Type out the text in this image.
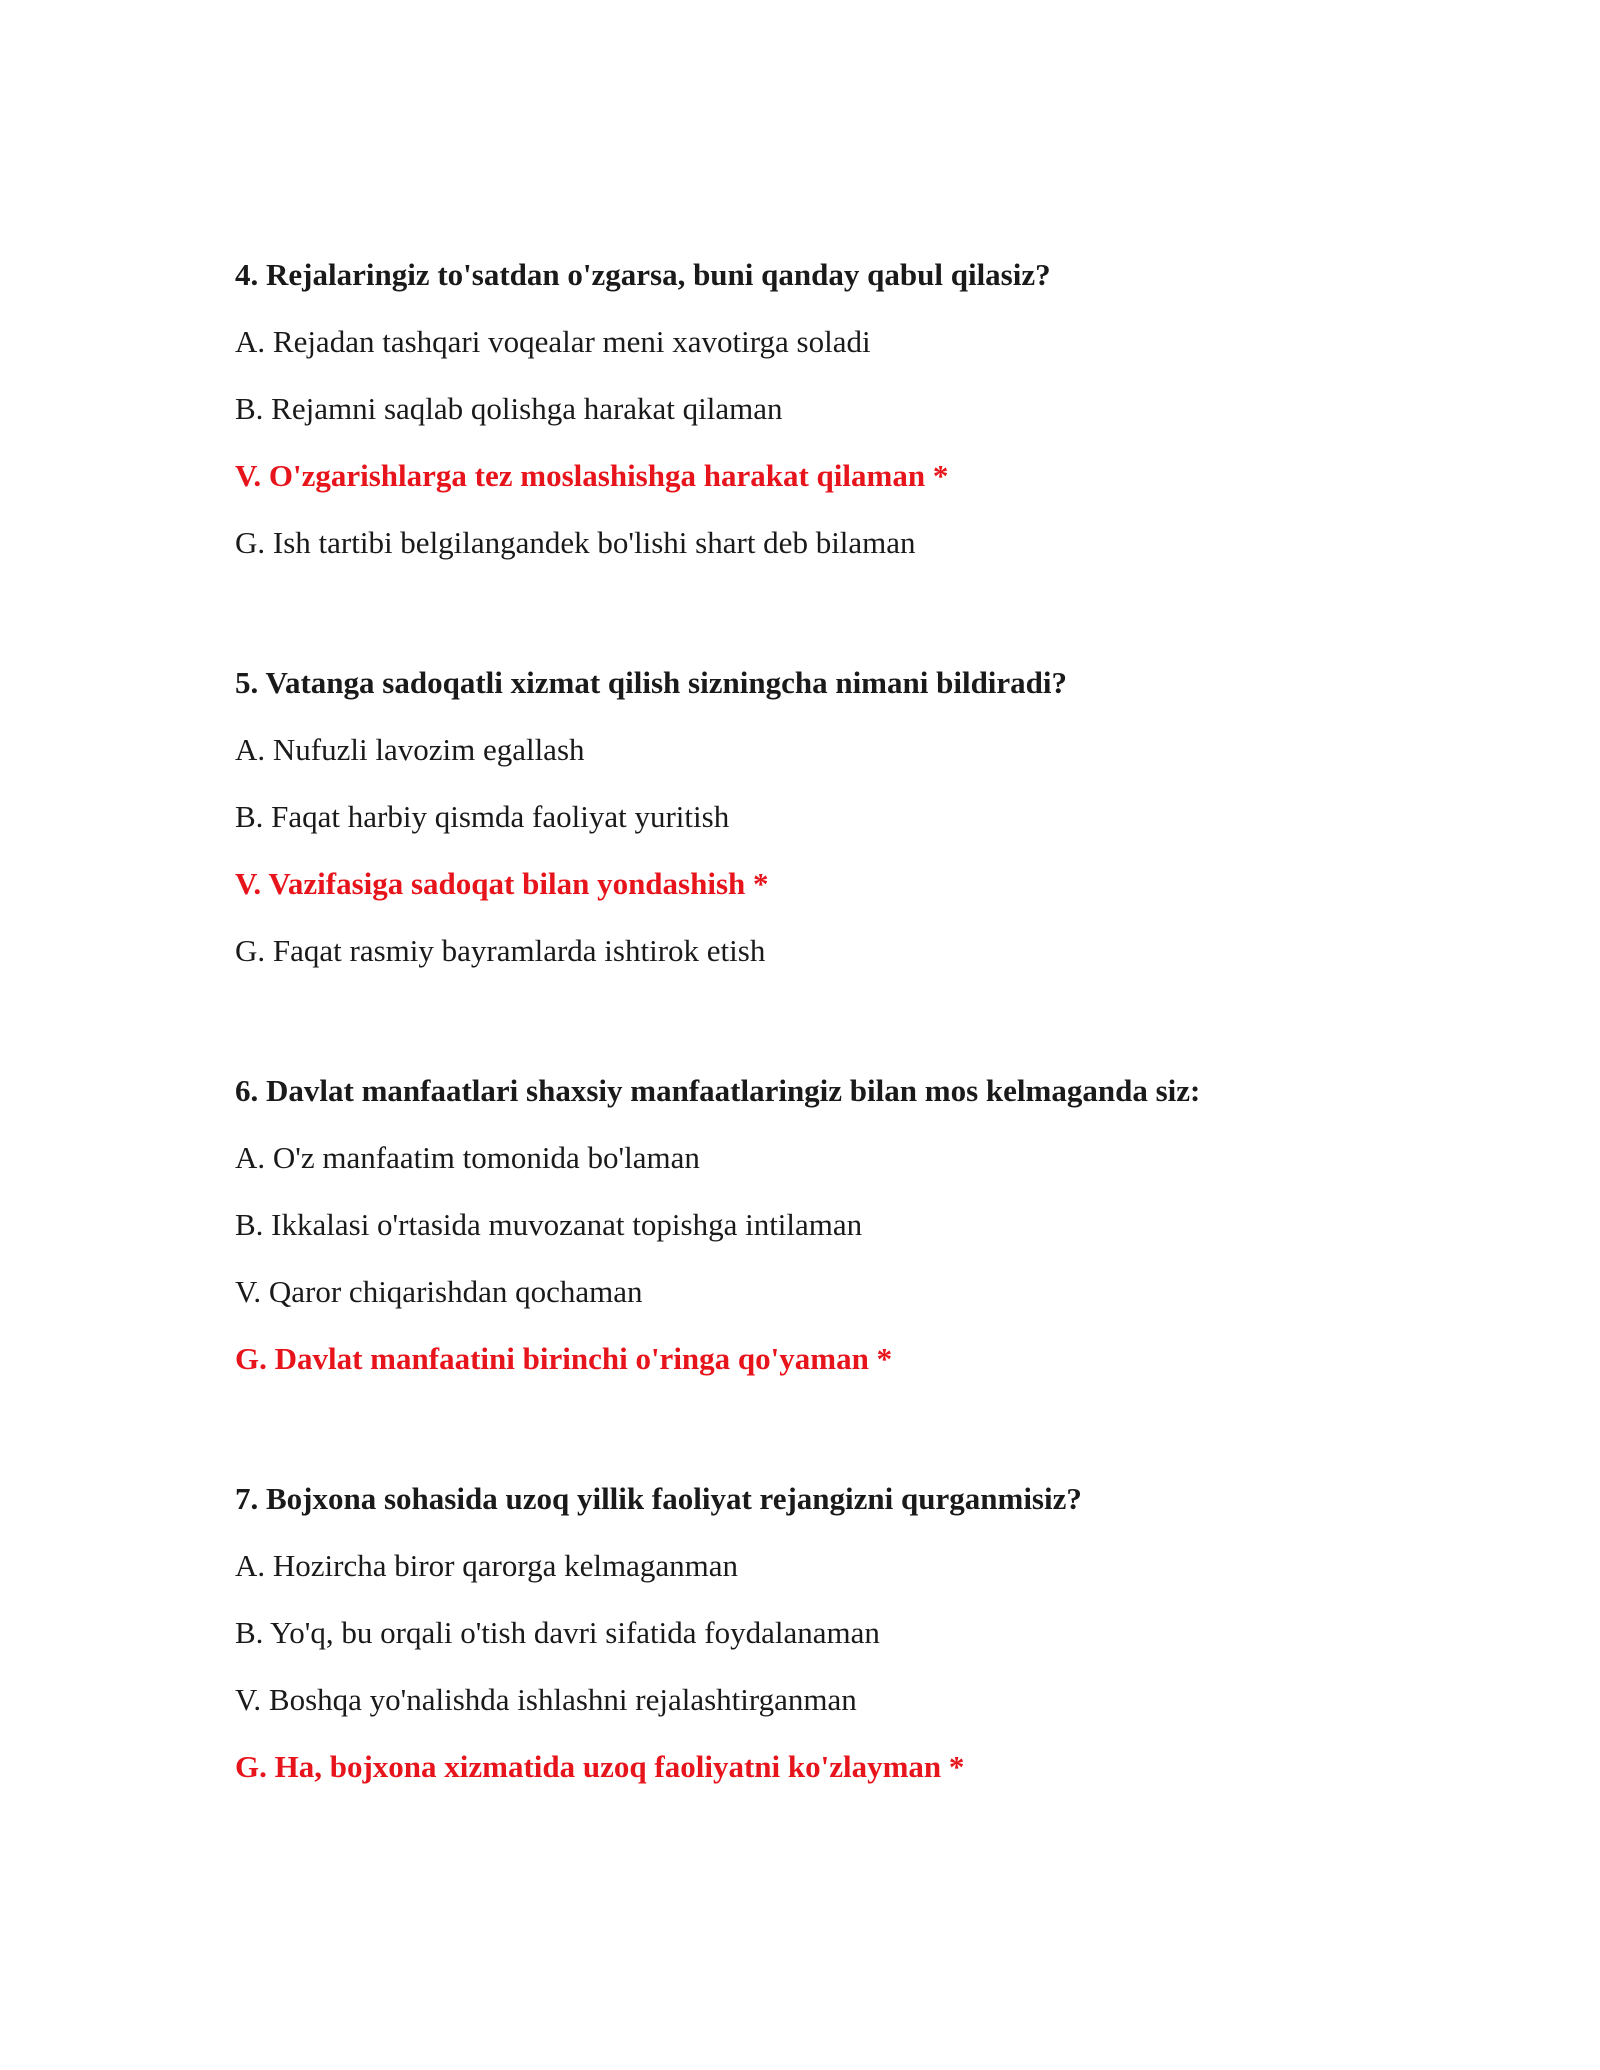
4. Rejalaringiz to'satdan o'zgarsa, buni qanday qabul qilasiz?
A. Rejadan tashqari voqealar meni xavotirga soladi
B. Rejamni saqlab qolishga harakat qilaman
V. O'zgarishlarga tez moslashishga harakat qilaman *
G. Ish tartibi belgilangandek bo'lishi shart deb bilaman
5. Vatanga sadoqatli xizmat qilish sizningcha nimani bildiradi?
A. Nufuzli lavozim egallash
B. Faqat harbiy qismda faoliyat yuritish
V. Vazifasiga sadoqat bilan yondashish *
G. Faqat rasmiy bayramlarda ishtirok etish
6. Davlat manfaatlari shaxsiy manfaatlaringiz bilan mos kelmaganda siz:
A. O'z manfaatim tomonida bo'laman
B. Ikkalasi o'rtasida muvozanat topishga intilaman
V. Qaror chiqarishdan qochaman
G. Davlat manfaatini birinchi o'ringa qo'yaman *
7. Bojxona sohasida uzoq yillik faoliyat rejangizni qurganmisiz?
A. Hozircha biror qarorga kelmaganman
B. Yo'q, bu orqali o'tish davri sifatida foydalanaman
V. Boshqa yo'nalishda ishlashni rejalashtirganman
G. Ha, bojxona xizmatida uzoq faoliyatni ko'zlayman *
